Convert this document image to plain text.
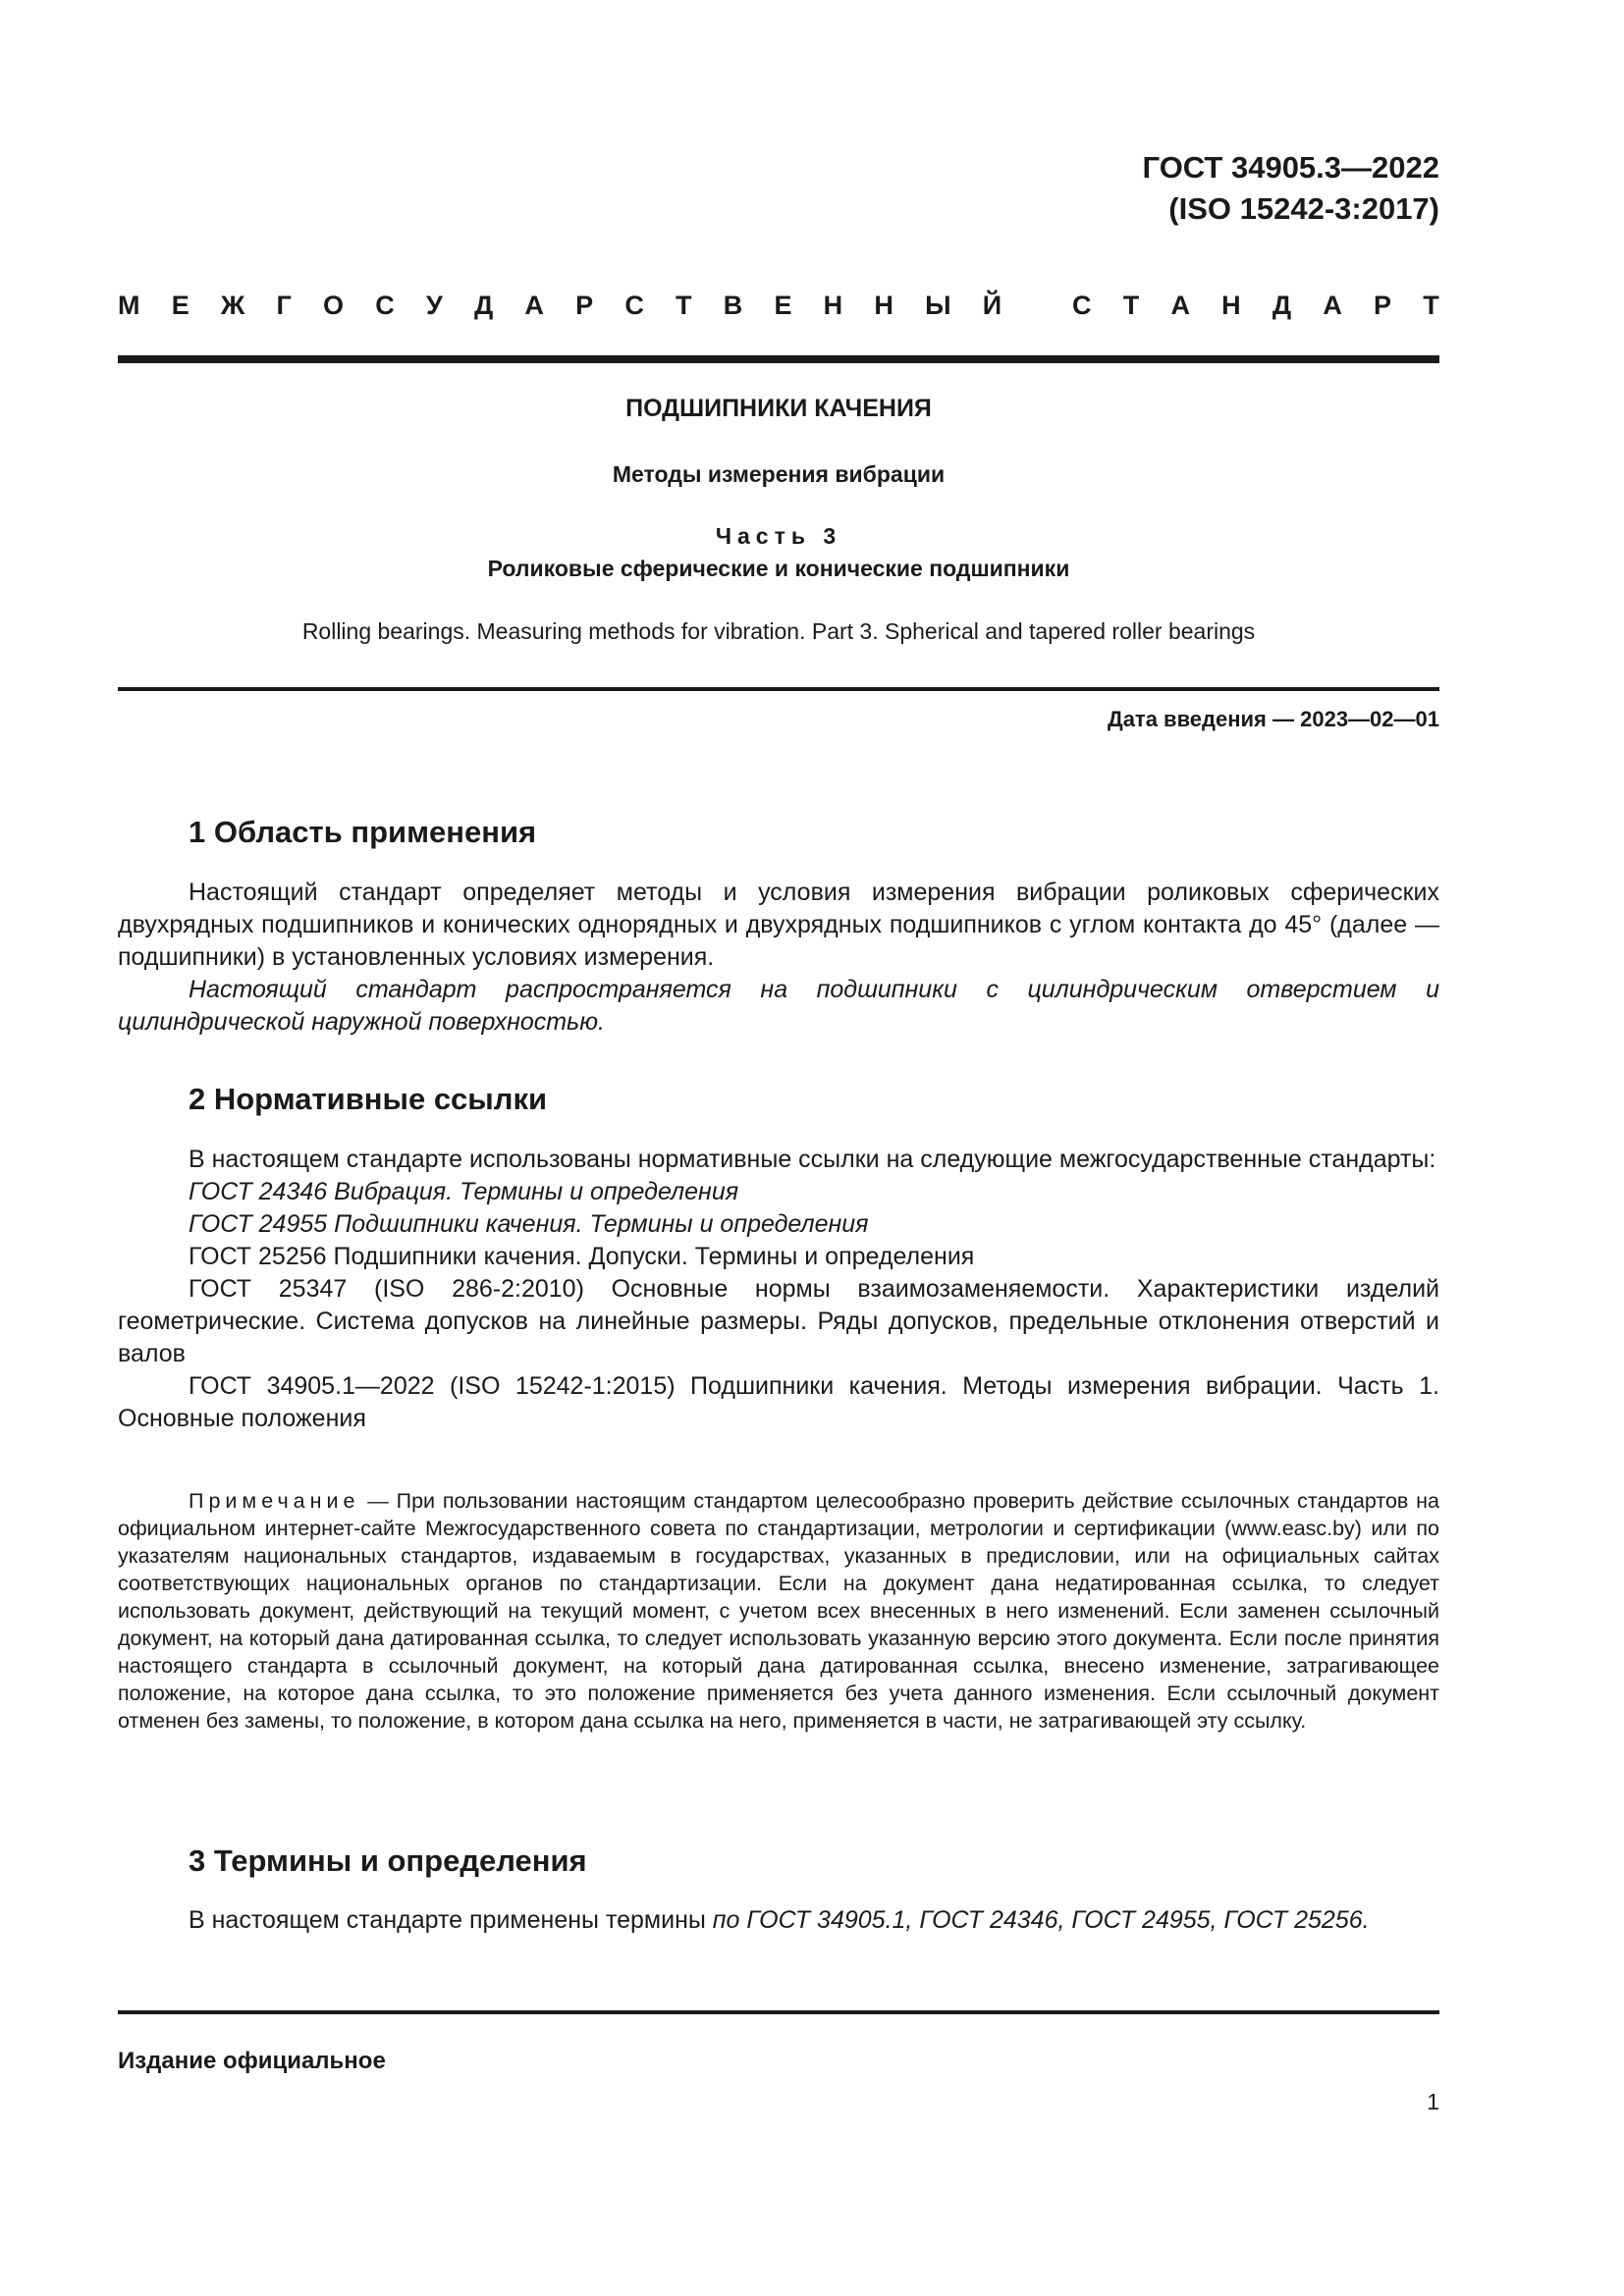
ГОСТ 34905.3—2022
(ISO 15242-3:2017)
М Е Ж Г О С У Д А Р С Т В Е Н Н Ы Й
	С Т А Н Д А Р Т
ПОДШИПНИКИ КАЧЕНИЯ
Методы измерения вибрации
Часть 3
Роликовые сферические и конические подшипники
Rolling bearings. Measuring methods for vibration. Part 3. Spherical and tapered roller bearings
Дата введения — 2023—02—01
1 Область применения

Настоящий стандарт определяет методы и условия измерения вибрации роликовых сферических двухрядных подшипников и конических однорядных и двухрядных подшипников с углом контакта до 45° (далее — подшипники) в установленных условиях измерения.

Настоящий стандарт распространяется на подшипники с цилиндрическим отверстием и цилиндрической наружной поверхностью.

2 Нормативные ссылки

В настоящем стандарте использованы нормативные ссылки на следующие межгосударственные стандарты:

ГОСТ 24346 Вибрация. Термины и определения

ГОСТ 24955 Подшипники качения. Термины и определения

ГОСТ 25256 Подшипники качения. Допуски. Термины и определения

ГОСТ 25347 (ISO 286-2:2010) Основные нормы взаимозаменяемости. Характеристики изделий геометрические. Система допусков на линейные размеры. Ряды допусков, предельные отклонения отверстий и валов

ГОСТ 34905.1—2022 (ISO 15242-1:2015) Подшипники качения. Методы измерения вибрации. Часть 1. Основные положения

Примечание — При пользовании настоящим стандартом целесообразно проверить действие ссылочных стандартов на официальном интернет-сайте Межгосударственного совета по стандартизации, метрологии и сертификации (www.easc.by) или по указателям национальных стандартов, издаваемым в государствах, указанных в предисловии, или на официальных сайтах соответствующих национальных органов по стандартизации. Если на документ дана недатированная ссылка, то следует использовать документ, действующий на текущий момент, с учетом всех внесенных в него изменений. Если заменен ссылочный документ, на который дана датированная ссылка, то следует использовать указанную версию этого документа. Если после принятия настоящего стандарта в ссылочный документ, на который дана датированная ссылка, внесено изменение, затрагивающее положение, на которое дана ссылка, то это положение применяется без учета данного изменения. Если ссылочный документ отменен без замены, то положение, в котором дана ссылка на него, применяется в части, не затрагивающей эту ссылку.
3 Термины и определения

В настоящем стандарте применены термины по ГОСТ 34905.1, ГОСТ 24346, ГОСТ 24955, ГОСТ 25256.

Издание официальное
1
